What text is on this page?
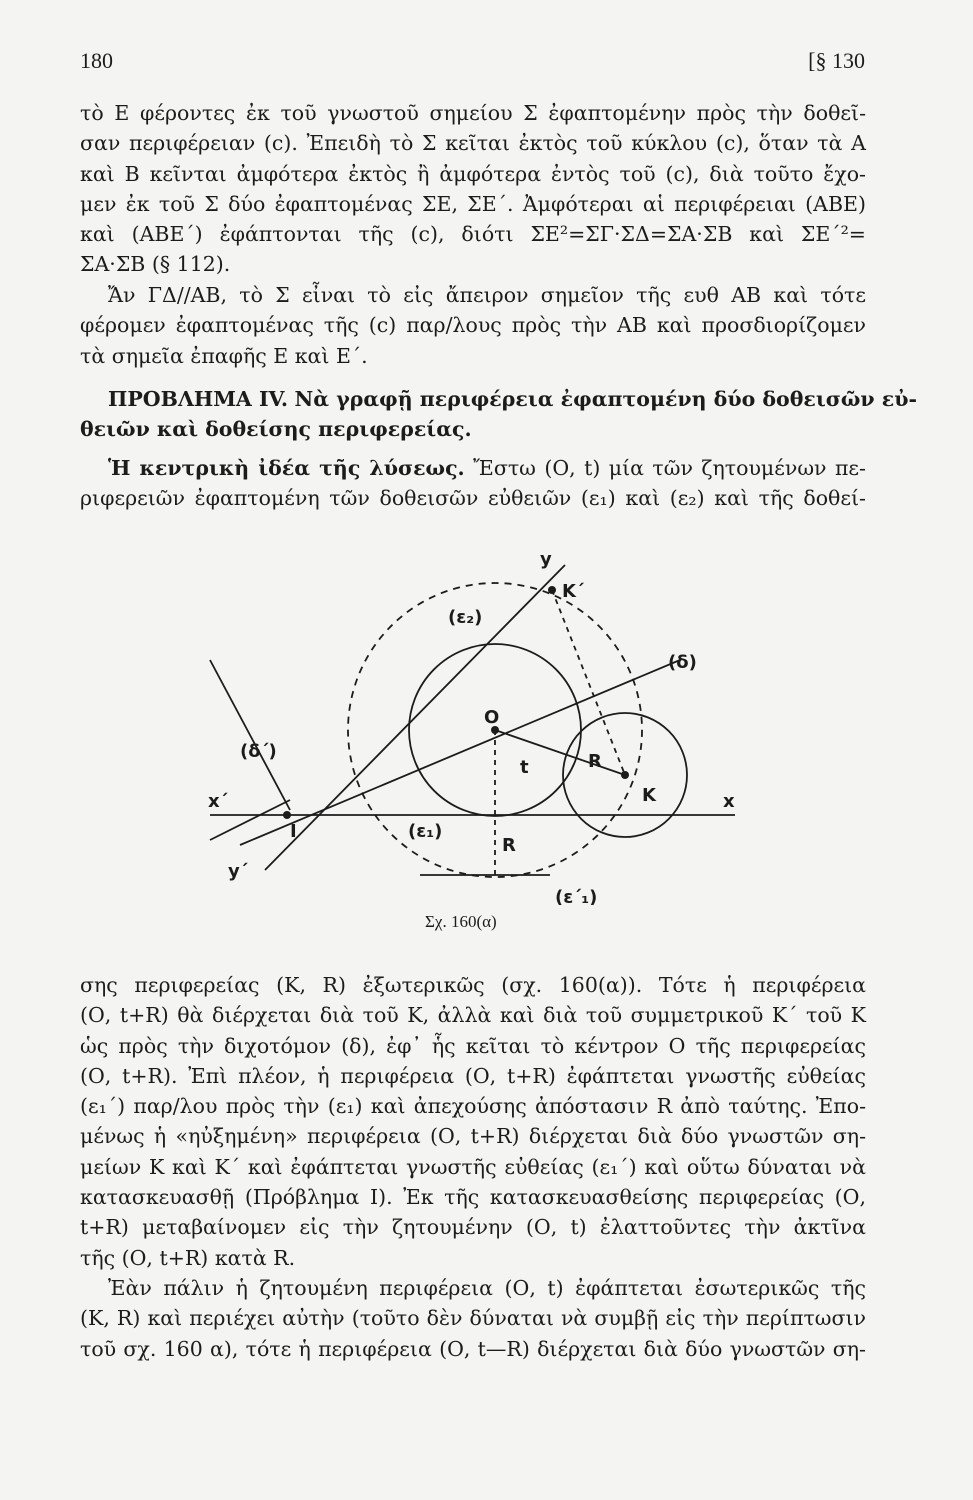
180	[§ 130
τὸ Ε φέροντες ἐκ τοῦ γνωστοῦ σημείου Σ ἐφαπτομένην πρὸς τὴν δοθεῖ-
σαν περιφέρειαν (c). Ἐπειδὴ τὸ Σ κεῖται ἐκτὸς τοῦ κύκλου (c), ὅταν τὰ Α
καὶ Β κεῖνται ἀμφότερα ἐκτὸς ἢ ἀμφότερα ἐντὸς τοῦ (c), διὰ τοῦτο ἔχο-
μεν ἐκ τοῦ Σ δύο ἐφαπτομένας ΣΕ, ΣΕ΄. Ἀμφότεραι αἱ περιφέρειαι (ΑΒΕ)
καὶ (ΑΒΕ΄) ἐφάπτονται τῆς (c), διότι ΣΕ²=ΣΓ·ΣΔ=ΣΑ·ΣΒ καὶ ΣΕ΄²=
ΣΑ·ΣΒ (§ 112).
Ἄν ΓΔ//ΑΒ, τὸ Σ εἶναι τὸ εἰς ἄπειρον σημεῖον τῆς ευθ ΑΒ καὶ τότε
φέρομεν ἐφαπτομένας τῆς (c) παρ/λους πρὸς τὴν ΑΒ καὶ προσδιορίζομεν
τὰ σημεῖα ἐπαφῆς Ε καὶ Ε΄.
ΠΡΟΒΛΗΜΑ IV. Νὰ γραφῇ περιφέρεια ἐφαπτομένη δύο δοθεισῶν εὐ-
θειῶν καὶ δοθείσης περιφερείας.
Ἡ κεντρικὴ ἰδέα τῆς λύσεως. Ἔστω (Ο, t) μία τῶν ζητουμένων πε-
ριφερειῶν ἐφαπτομένη τῶν δοθεισῶν εὐθειῶν (ε₁) καὶ (ε₂) καὶ τῆς δοθεί-
y
K΄
(ε₂)
(δ)
O
(δ΄)
t	R
K
x΄	x
I	(ε₁)
R
y΄
(ε΄₁)
Σχ. 160(α)
σης περιφερείας (Κ, R) ἐξωτερικῶς (σχ. 160(α)). Τότε ἡ περιφέρεια
(Ο, t+R) θὰ διέρχεται διὰ τοῦ Κ, ἀλλὰ καὶ διὰ τοῦ συμμετρικοῦ Κ΄ τοῦ Κ
ὡς πρὸς τὴν διχοτόμον (δ), ἐφ᾽ ἧς κεῖται τὸ κέντρον Ο τῆς περιφερείας
(Ο, t+R). Ἐπὶ πλέον, ἡ περιφέρεια (Ο, t+R) ἐφάπτεται γνωστῆς εὐθείας
(ε₁΄) παρ/λου πρὸς τὴν (ε₁) καὶ ἀπεχούσης ἀπόστασιν R ἀπὸ ταύτης. Ἐπο-
μένως ἡ «ηὐξημένη» περιφέρεια (Ο, t+R) διέρχεται διὰ δύο γνωστῶν ση-
μείων Κ καὶ Κ΄ καὶ ἐφάπτεται γνωστῆς εὐθείας (ε₁΄) καὶ οὕτω δύναται νὰ
κατασκευασθῇ (Πρόβλημα Ι). Ἐκ τῆς κατασκευασθείσης περιφερείας (Ο,
t+R) μεταβαίνομεν εἰς τὴν ζητουμένην (Ο, t) ἐλαττοῦντες τὴν ἀκτῖνα
τῆς (Ο, t+R) κατὰ R.
Ἐὰν πάλιν ἡ ζητουμένη περιφέρεια (Ο, t) ἐφάπτεται ἐσωτερικῶς τῆς
(Κ, R) καὶ περιέχει αὐτὴν (τοῦτο δὲν δύναται νὰ συμβῇ εἰς τὴν περίπτωσιν
τοῦ σχ. 160 α), τότε ἡ περιφέρεια (Ο, t—R) διέρχεται διὰ δύο γνωστῶν ση-
